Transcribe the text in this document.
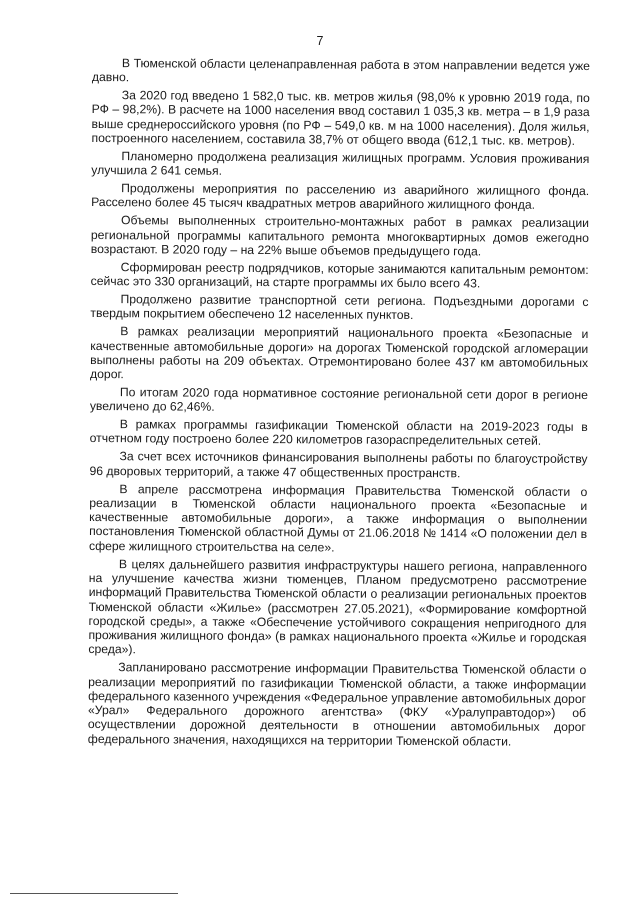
7

В Тюменской области целенаправленная работа в этом направлении ведется уже давно.

За 2020 год введено 1 582,0 тыс. кв. метров жилья (98,0% к уровню 2019 года, по РФ – 98,2%). В расчете на 1000 населения ввод составил 1 035,3 кв. метра – в 1,9 раза выше среднероссийского уровня (по РФ – 549,0 кв. м на 1000 населения). Доля жилья, построенного населением, составила 38,7% от общего ввода (612,1 тыс. кв. метров).

Планомерно продолжена реализация жилищных программ. Условия проживания улучшила 2 641 семья.

Продолжены мероприятия по расселению из аварийного жилищного фонда. Расселено более 45 тысяч квадратных метров аварийного жилищного фонда.

Объемы выполненных строительно-монтажных работ в рамках реализации региональной программы капитального ремонта многоквартирных домов ежегодно возрастают. В 2020 году – на 22% выше объемов предыдущего года.

Сформирован реестр подрядчиков, которые занимаются капитальным ремонтом: сейчас это 330 организаций, на старте программы их было всего 43.

Продолжено развитие транспортной сети региона. Подъездными дорогами с твердым покрытием обеспечено 12 населенных пунктов.

В рамках реализации мероприятий национального проекта «Безопасные и качественные автомобильные дороги» на дорогах Тюменской городской агломерации выполнены работы на 209 объектах. Отремонтировано более 437 км автомобильных дорог.

По итогам 2020 года нормативное состояние региональной сети дорог в регионе увеличено до 62,46%.

В рамках программы газификации Тюменской области на 2019-2023 годы в отчетном году построено более 220 километров газораспределительных сетей.

За счет всех источников финансирования выполнены работы по благоустройству 96 дворовых территорий, а также 47 общественных пространств.

В апреле рассмотрена информация Правительства Тюменской области о реализации в Тюменской области национального проекта «Безопасные и качественные автомобильные дороги», а также информация о выполнении постановления Тюменской областной Думы от 21.06.2018 № 1414 «О положении дел в сфере жилищного строительства на селе».

В целях дальнейшего развития инфраструктуры нашего региона, направленного на улучшение качества жизни тюменцев, Планом предусмотрено рассмотрение информаций Правительства Тюменской области о реализации региональных проектов Тюменской области «Жилье» (рассмотрен 27.05.2021), «Формирование комфортной городской среды», а также «Обеспечение устойчивого сокращения непригодного для проживания жилищного фонда» (в рамках национального проекта «Жилье и городская среда»).

Запланировано рассмотрение информации Правительства Тюменской области о реализации мероприятий по газификации Тюменской области, а также информации федерального казенного учреждения «Федеральное управление автомобильных дорог «Урал» Федерального дорожного агентства» (ФКУ «Уралуправтодор») об осуществлении дорожной деятельности в отношении автомобильных дорог федерального значения, находящихся на территории Тюменской области.
